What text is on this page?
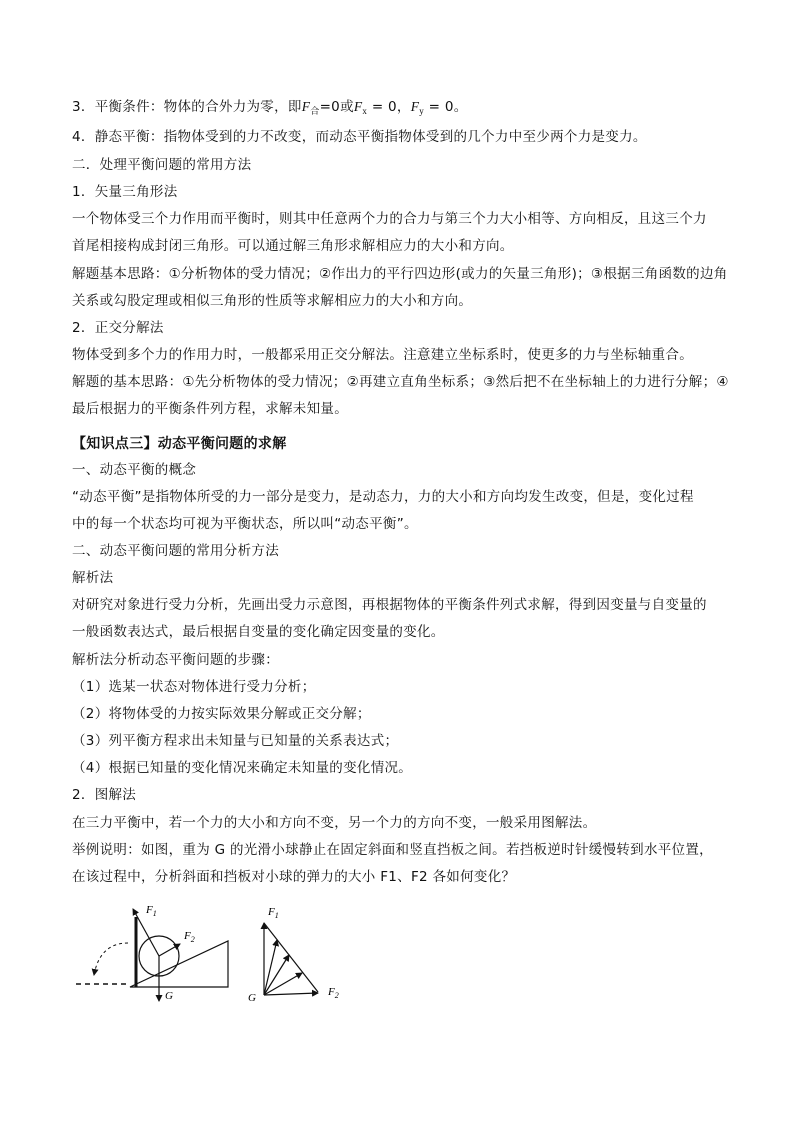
3．平衡条件：物体的合外力为零，即$F_合=0$或$F_x = 0$，$F_y = 0$。
4．静态平衡：指物体受到的力不改变，而动态平衡指物体受到的几个力中至少两个力是变力。
二．处理平衡问题的常用方法
1．矢量三角形法
一个物体受三个力作用而平衡时，则其中任意两个力的合力与第三个力大小相等、方向相反，且这三个力
首尾相接构成封闭三角形。可以通过解三角形求解相应力的大小和方向。
解题基本思路：①分析物体的受力情况；②作出力的平行四边形(或力的矢量三角形)；③根据三角函数的边角
关系或勾股定理或相似三角形的性质等求解相应力的大小和方向。
2．正交分解法
物体受到多个力的作用力时，一般都采用正交分解法。注意建立坐标系时，使更多的力与坐标轴重合。
解题的基本思路：①先分析物体的受力情况；②再建立直角坐标系；③然后把不在坐标轴上的力进行分解；④
最后根据力的平衡条件列方程，求解未知量。
【知识点三】动态平衡问题的求解
一、动态平衡的概念
“动态平衡”是指物体所受的力一部分是变力，是动态力，力的大小和方向均发生改变，但是，变化过程
中的每一个状态均可视为平衡状态，所以叫“动态平衡”。
二、动态平衡问题的常用分析方法
解析法
对研究对象进行受力分析，先画出受力示意图，再根据物体的平衡条件列式求解，得到因变量与自变量的
一般函数表达式，最后根据自变量的变化确定因变量的变化。
解析法分析动态平衡问题的步骤：
（1）选某一状态对物体进行受力分析；
（2）将物体受的力按实际效果分解或正交分解；
（3）列平衡方程求出未知量与已知量的关系表达式；
（4）根据已知量的变化情况来确定未知量的变化情况。
2．图解法
在三力平衡中，若一个力的大小和方向不变，另一个力的方向不变，一般采用图解法。
举例说明：如图，重为 G 的光滑小球静止在固定斜面和竖直挡板之间。若挡板逆时针缓慢转到水平位置，
在该过程中，分析斜面和挡板对小球的弹力的大小 F1、F2 各如何变化？
$F_1$
$F_2$
G
$F_1$
$F_2$
G
